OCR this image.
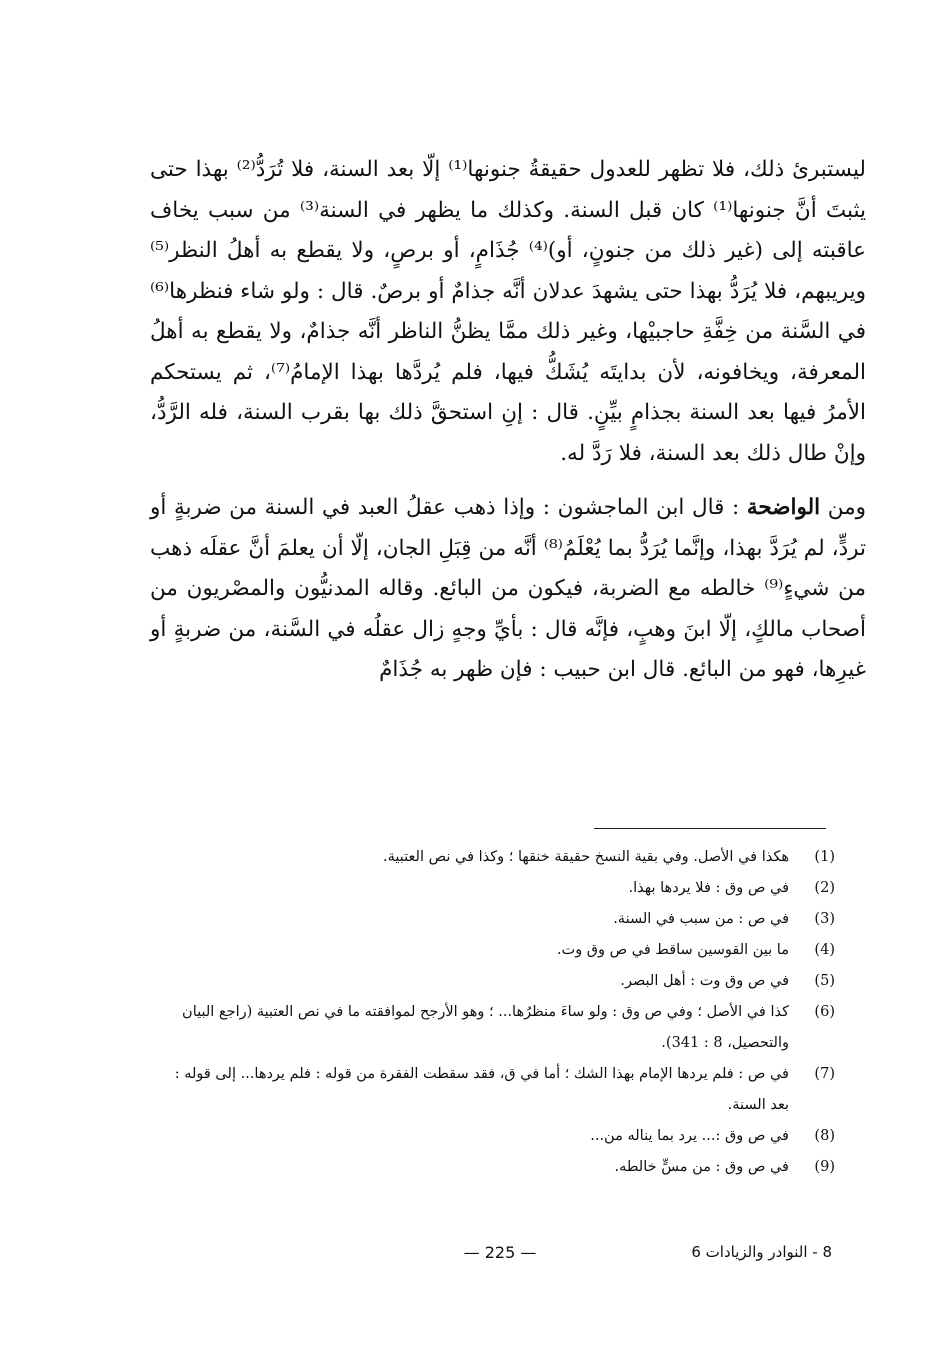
ليستبرئ ذلك، فلا تظهر للعدول حقيقةُ جنونها⁽¹⁾ إلّا بعد السنة، فلا تُرَدُّ⁽²⁾ بهذا حتى يثبتَ أنَّ جنونها⁽¹⁾ كان قبل السنة. وكذلك ما يظهر في السنة⁽³⁾ من سبب يخاف عاقبته إلى (غير ذلك من جنونٍ، أو)⁽⁴⁾ جُذَامٍ، أو برصٍ، ولا يقطع به أهلُ النظر⁽⁵⁾ ويريبهم، فلا يُرَدُّ بهذا حتى يشهدَ عدلان أنَّه جذامٌ أو برصٌ. قال : ولو شاء فنظرها⁽⁶⁾ في السَّنة من خِفَّةِ حاجبيْها، وغير ذلك ممَّا يظنُّ الناظر أنَّه جذامٌ، ولا يقطع به أهلُ المعرفة، ويخافونه، لأن بدايتَه يُشَكُّ فيها، فلم يُردَّها بهذا الإمامُ⁽⁷⁾، ثم يستحكم الأمرُ فيها بعد السنة بجذامٍ بيِّنٍ. قال : إنِ استحقَّ ذلك بها بقرب السنة، فله الرَّدُّ، وإنْ طال ذلك بعد السنة، فلا رَدَّ له.

ومن الواضحة : قال ابن الماجشون : وإذا ذهب عقلُ العبد في السنة من ضربةٍ أو تردٍّ، لم يُرَدَّ بهذا، وإنَّما يُرَدُّ بما يُعْلَمُ⁽⁸⁾ أنَّه من قِبَلِ الجان، إلّا أن يعلمَ أنَّ عقلَه ذهب من شيءٍ⁽⁹⁾ خالطه مع الضربة، فيكون من البائع. وقاله المدنيُّون والمصْريون من أصحاب مالكٍ، إلّا ابنَ وهبٍ، فإنَّه قال : بأيِّ وجهٍ زال عقلُه في السَّنة، من ضربةٍ أو غيرِها، فهو من البائع. قال ابن حبيب : فإن ظهر به جُذَامٌ

(1)
هكذا في الأصل. وفي بقية النسخ حقيقة خنقها ؛ وكذا في نص العتبية.
(2)
في ص وق : فلا يردها بهذا.
(3)
في ص : من سبب في السنة.
(4)
ما بين القوسين ساقط في ص وق وت.
(5)
في ص وق وت : أهل البصر.
(6)
كذا في الأصل ؛ وفي ص وق : ولو ساءَ منظرُها... ؛ وهو الأرجح لموافقته ما في نص العتبية (راجع البيان والتحصيل، 8 : 341).
(7)
في ص : فلم يردها الإمام بهذا الشك ؛ أما في ق، فقد سقطت الفقرة من قوله : فلم يردها... إلى قوله : بعد السنة.
(8)
في ص وق :... يرد بما يناله من...
(9)
في ص وق : من مسٍّ خالطه.
— 225 —	8 - النوادر والزيادات 6
